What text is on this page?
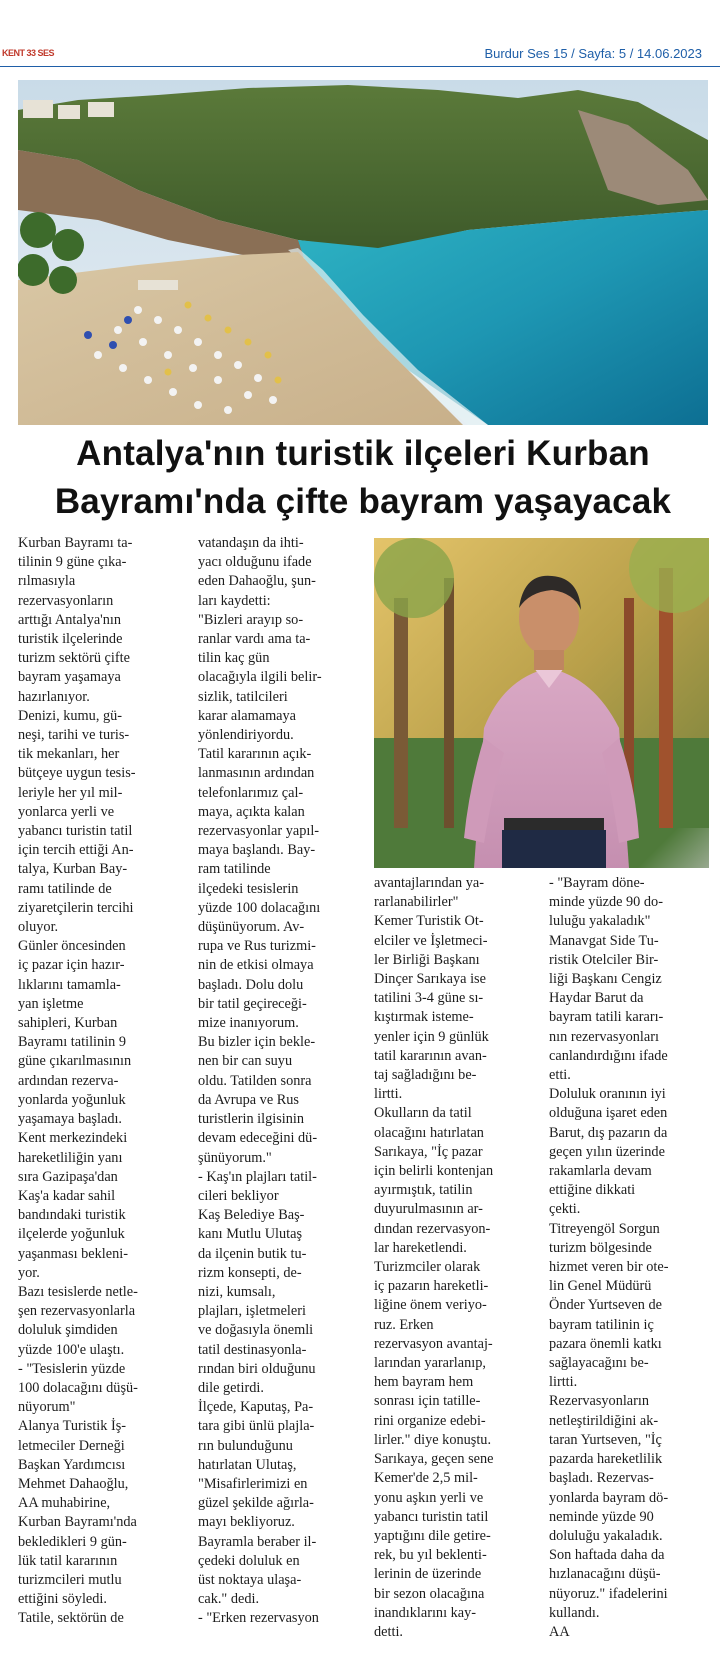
KENT 33 SES	Burdur Ses 15 / Sayfa: 5 / 14.06.2023
Antalya'nın turistik ilçeleri Kurban
Bayramı'nda çifte bayram yaşayacak
Kurban Bayramı ta-
tilinin 9 güne çıka-
rılmasıyla
rezervasyonların
arttığı Antalya'nın
turistik ilçelerinde
turizm sektörü çifte
bayram yaşamaya
hazırlanıyor.
Denizi, kumu, gü-
neşi, tarihi ve turis-
tik mekanları, her
bütçeye uygun tesis-
leriyle her yıl mil-
yonlarca yerli ve
yabancı turistin tatil
için tercih ettiği An-
talya, Kurban Bay-
ramı tatilinde de
ziyaretçilerin tercihi
oluyor.
Günler öncesinden
iç pazar için hazır-
lıklarını tamamla-
yan işletme
sahipleri, Kurban
Bayramı tatilinin 9
güne çıkarılmasının
ardından rezerva-
yonlarda yoğunluk
yaşamaya başladı.
Kent merkezindeki
hareketliliğin yanı
sıra Gazipaşa'dan
Kaş'a kadar sahil
bandındaki turistik
ilçelerde yoğunluk
yaşanması bekleni-
yor.
Bazı tesislerde netle-
şen rezervasyonlarla
doluluk şimdiden
yüzde 100'e ulaştı.
- "Tesislerin yüzde
100 dolacağını düşü-
nüyorum"
Alanya Turistik İş-
letmeciler Derneği
Başkan Yardımcısı
Mehmet Dahaoğlu,
AA muhabirine,
Kurban Bayramı'nda
bekledikleri 9 gün-
lük tatil kararının
turizmcileri mutlu
ettiğini söyledi.
Tatile, sektörün de
vatandaşın da ihti-
yacı olduğunu ifade
eden Dahaoğlu, şun-
ları kaydetti:
"Bizleri arayıp so-
ranlar vardı ama ta-
tilin kaç gün
olacağıyla ilgili belir-
sizlik, tatilcileri
karar alamamaya
yönlendiriyordu.
Tatil kararının açık-
lanmasının ardından
telefonlarımız çal-
maya, açıkta kalan
rezervasyonlar yapıl-
maya başlandı. Bay-
ram tatilinde
ilçedeki tesislerin
yüzde 100 dolacağını
düşünüyorum. Av-
rupa ve Rus turizmi-
nin de etkisi olmaya
başladı. Dolu dolu
bir tatil geçireceği-
mize inanıyorum.
Bu bizler için bekle-
nen bir can suyu
oldu. Tatilden sonra
da Avrupa ve Rus
turistlerin ilgisinin
devam edeceğini dü-
şünüyorum."
- Kaş'ın plajları tatil-
cileri bekliyor
Kaş Belediye Baş-
kanı Mutlu Ulutaş
da ilçenin butik tu-
rizm konsepti, de-
nizi, kumsalı,
plajları, işletmeleri
ve doğasıyla önemli
tatil destinasyonla-
rından biri olduğunu
dile getirdi.
İlçede, Kaputaş, Pa-
tara gibi ünlü plajla-
rın bulunduğunu
hatırlatan Ulutaş,
"Misafirlerimizi en
güzel şekilde ağırla-
mayı bekliyoruz.
Bayramla beraber il-
çedeki doluluk en
üst noktaya ulaşa-
cak." dedi.
- "Erken rezervasyon
avantajlarından ya-
rarlanabilirler"
Kemer Turistik Ot-
elciler ve İşletmeci-
ler Birliği Başkanı
Dinçer Sarıkaya ise
tatilini 3-4 güne sı-
kıştırmak isteme-
yenler için 9 günlük
tatil kararının avan-
taj sağladığını be-
lirtti.
Okulların da tatil
olacağını hatırlatan
Sarıkaya, "İç pazar
için belirli kontenjan
ayırmıştık, tatilin
duyurulmasının ar-
dından rezervasyon-
lar hareketlendi.
Turizmciler olarak
iç pazarın hareketli-
liğine önem veriyo-
ruz. Erken
rezervasyon avantaj-
larından yararlanıp,
hem bayram hem
sonrası için tatille-
rini organize edebi-
lirler." diye konuştu.
Sarıkaya, geçen sene
Kemer'de 2,5 mil-
yonu aşkın yerli ve
yabancı turistin tatil
yaptığını dile getire-
rek, bu yıl beklenti-
lerinin de üzerinde
bir sezon olacağına
inandıklarını kay-
detti.
- "Bayram döne-
minde yüzde 90 do-
luluğu yakaladık"
Manavgat Side Tu-
ristik Otelciler Bir-
liği Başkanı Cengiz
Haydar Barut da
bayram tatili kararı-
nın rezervasyonları
canlandırdığını ifade
etti.
Doluluk oranının iyi
olduğuna işaret eden
Barut, dış pazarın da
geçen yılın üzerinde
rakamlarla devam
ettiğine dikkati
çekti.
Titreyengöl Sorgun
turizm bölgesinde
hizmet veren bir ote-
lin Genel Müdürü
Önder Yurtseven de
bayram tatilinin iç
pazara önemli katkı
sağlayacağını be-
lirtti.
Rezervasyonların
netleştirildiğini ak-
taran Yurtseven, "İç
pazarda hareketlilik
başladı. Rezervas-
yonlarda bayram dö-
neminde yüzde 90
doluluğu yakaladık.
Son haftada daha da
hızlanacağını düşü-
nüyoruz." ifadelerini
kullandı.
AA
